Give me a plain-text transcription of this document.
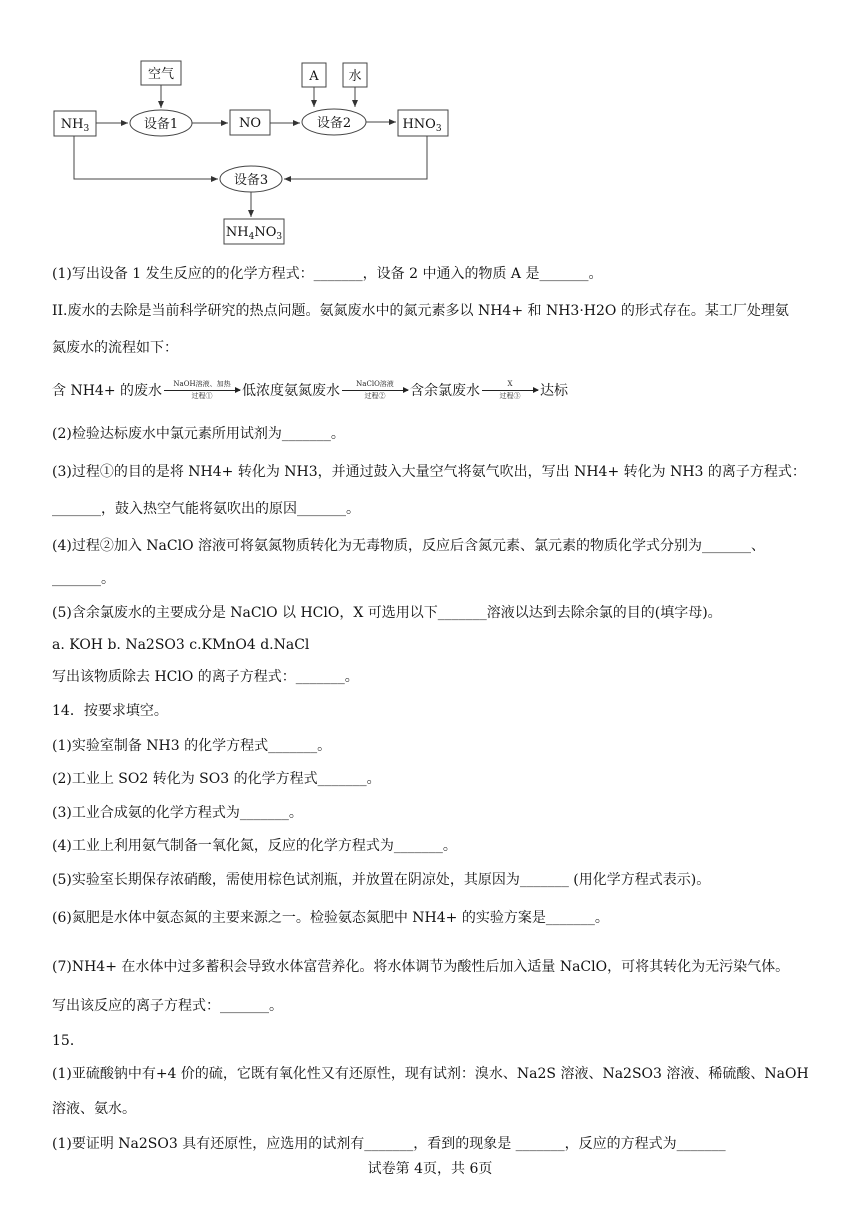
$NH_3$
空气
设备1	NO
A 水
设备2	$HNO_3$
设备3
$NH_4NO_3$
(1)写出设备 1 发生反应的的化学方程式：_______，设备 2 中通入的物质 A 是_______。
II.废水的去除是当前科学研究的热点问题。氨氮废水中的氮元素多以 NH4+ 和 NH3·H2O 的形式存在。某工厂处理氨
氮废水的流程如下：
含 NH4+ 的废水 NaOH溶液、加热
过程① 低浓度氨氮废水 NaClO溶液
过程② 含余氯废水	X
过程③ 达标
(2)检验达标废水中氯元素所用试剂为_______。
(3)过程①的目的是将 NH4+ 转化为 NH3，并通过鼓入大量空气将氨气吹出，写出 NH4+ 转化为 NH3 的离子方程式：
_______，鼓入热空气能将氨吹出的原因_______。
(4)过程②加入 NaClO 溶液可将氨氮物质转化为无毒物质，反应后含氮元素、氯元素的物质化学式分别为_______、
_______。
(5)含余氯废水的主要成分是 NaClO 以 HClO，X 可选用以下_______溶液以达到去除余氯的目的(填字母)。
a. KOH b. Na2SO3 c.KMnO4 d.NaCl
写出该物质除去 HClO 的离子方程式：_______。
14．按要求填空。
(1)实验室制备 NH3 的化学方程式_______。
(2)工业上 SO2 转化为 SO3 的化学方程式_______。
(3)工业合成氨的化学方程式为_______。
(4)工业上利用氨气制备一氧化氮，反应的化学方程式为_______。
(5)实验室长期保存浓硝酸，需使用棕色试剂瓶，并放置在阴凉处，其原因为_______ (用化学方程式表示)。
(6)氮肥是水体中氨态氮的主要来源之一。检验氨态氮肥中 NH4+ 的实验方案是_______。
(7)NH4+ 在水体中过多蓄积会导致水体富营养化。将水体调节为酸性后加入适量 NaClO，可将其转化为无污染气体。
写出该反应的离子方程式：_______。
15．
(1)亚硫酸钠中有+4 价的硫，它既有氧化性又有还原性，现有试剂：溴水、Na2S 溶液、Na2SO3 溶液、稀硫酸、NaOH
溶液、氨水。
(1)要证明 Na2SO3 具有还原性，应选用的试剂有_______，看到的现象是 _______，反应的方程式为_______
试卷第 4页，共 6页
